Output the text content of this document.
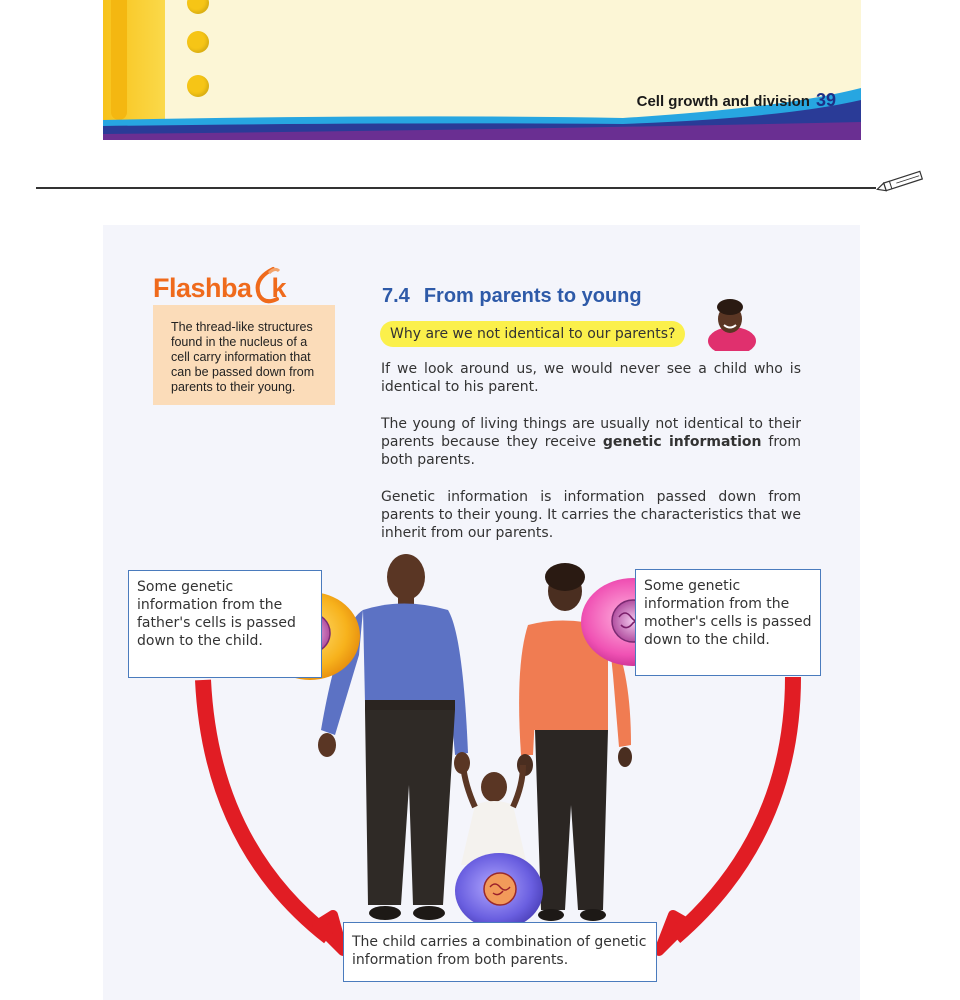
Cell growth and division 39
Flashba k
The thread-like structures found in the nucleus of a cell carry information that can be passed down from parents to their young.
7.4 From parents to young
Why are we not identical to our parents?
If we look around us, we would never see a child who is identical to his parent.
The young of living things are usually not identical to their parents because they receive genetic information from both parents.
Genetic information is information passed down from parents to their young. It carries the characteristics that we inherit from our parents.
Some genetic information from the father's cells is passed down to the child.
Some genetic information from the mother's cells is passed down to the child.
The child carries a combination of genetic information from both parents.
